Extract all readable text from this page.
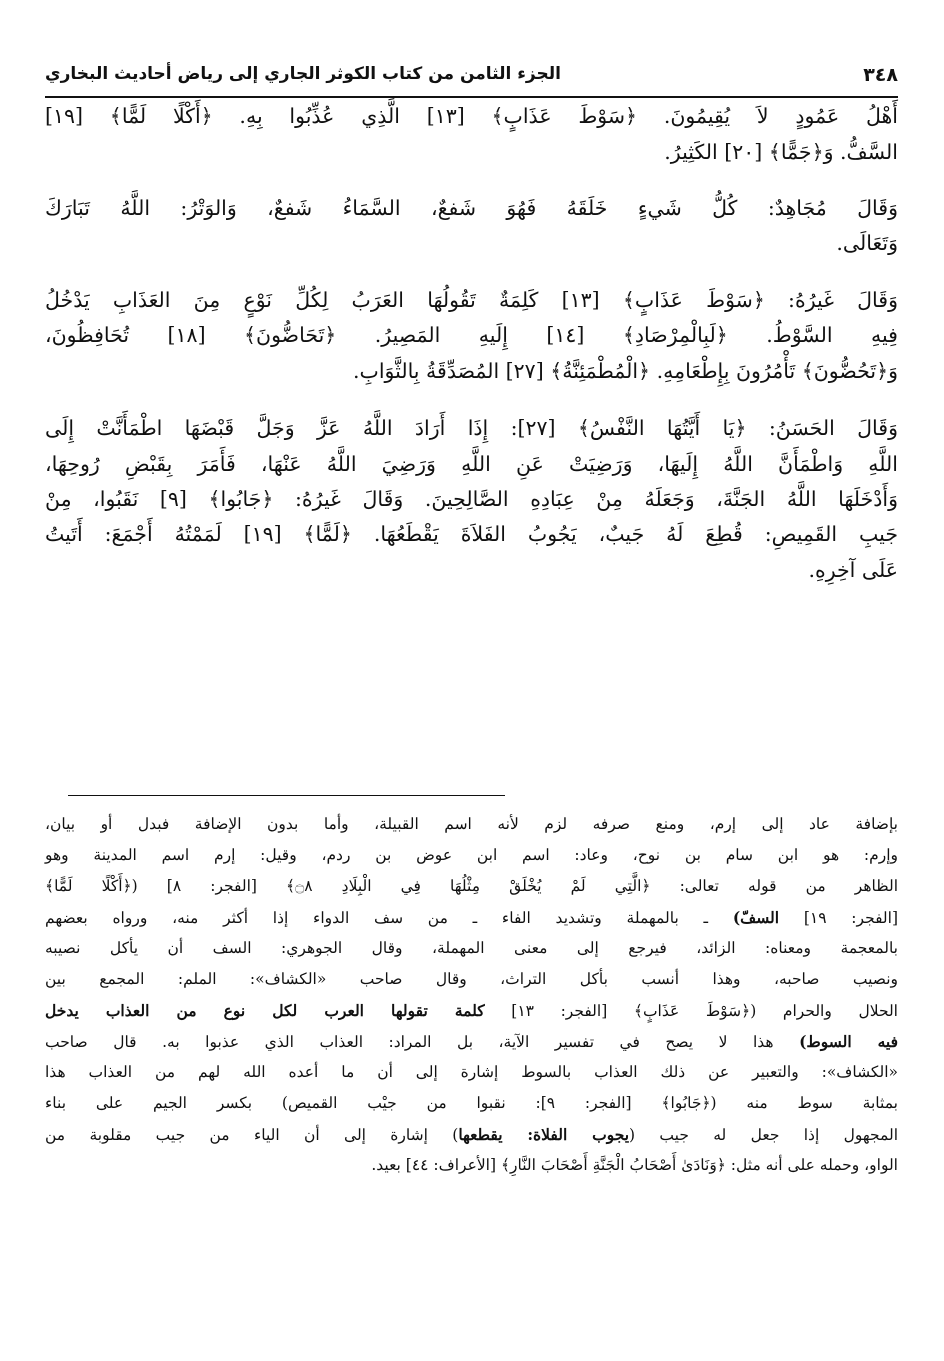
٣٤٨
الجزء الثامن من كتاب الكوثر الجاري إلى رياض أحاديث البخاري
أَهْلُ عَمُودٍ لاَ يُقِيمُونَ. ﴿سَوْطَ عَذَابٍ﴾ [١٣] الَّذِي عُذِّبُوا بِهِ. ﴿أَكْلًا لَمًّا﴾ [١٩]
السَّفُّ. وَ﴿جَمًّا﴾ [٢٠] الكَثِيرُ.
وَقَالَ مُجَاهِدٌ: كُلُّ شَيءٍ خَلَقَهُ فَهُوَ شَفعٌ، السَّمَاءُ شَفعٌ، وَالوَتْرُ: اللَّهُ تَبَارَكَ
وَتَعَالَى.
وَقَالَ غَيرُهُ: ﴿سَوْطَ عَذَابٍ﴾ [١٣] كَلِمَةٌ تَقُولُهَا العَرَبُ لِكُلِّ نَوْعٍ مِنَ العَذَابِ يَدْخُلُ
فِيهِ السَّوْطُ. ﴿لَبِالْمِرْصَادِ﴾ [١٤] إِلَيهِ المَصِيرُ. ﴿تَحَاضُّونَ﴾ [١٨] تُحَافِظُونَ،
وَ﴿تَحُضُّونَ﴾ تَأْمُرُونَ بِإِطْعَامِهِ. ﴿الْمُطْمَئِنَّةُ﴾ [٢٧] المُصَدِّقَةُ بِالثَّوَابِ.
وَقَالَ الحَسَنُ: ﴿يَا أَيَّتُهَا النَّفْسُ﴾ [٢٧]: إِذَا أَرَادَ اللَّهُ عَزَّ وَجَلَّ قَبْضَهَا اطْمَأَنَّتْ إِلَى
اللَّهِ وَاطْمَأَنَّ اللَّهُ إِلَيهَا، وَرَضِيَتْ عَنِ اللَّهِ وَرَضِيَ اللَّهُ عَنْهَا، فَأَمَرَ بِقَبْضِ رُوحِهَا،
وَأَدْخَلَهَا اللَّهُ الجَنَّةَ، وَجَعَلَهُ مِنْ عِبَادِهِ الصَّالِحِينَ. وَقَالَ غَيرُهُ: ﴿جَابُوا﴾ [٩] نَقَبُوا، مِنْ
جَيبِ القَمِيصِ: قُطِعَ لَهُ جَيبٌ، يَجُوبُ الفَلاَةَ يَقْطَعُهَا. ﴿لَمًّا﴾ [١٩] لَمَمْتُهُ أَجْمَعَ: أَتَيتُ
عَلَى آخِرِهِ.
بإضافة عاد إلى إرم، ومنع صرفه لزم لأنه اسم القبيلة، وأما بدون الإضافة فبدل أو بيان،
وإرم: هو ابن سام بن نوح، وعاد: اسم ابن عوض بن ردم، وقيل: إرم اسم المدينة وهو
الظاهر من قوله تعالى: ﴿الَّتِي لَمْ يُخْلَقْ مِثْلُهَا فِي الْبِلَادِ ۝٨﴾ [الفجر: ٨] (﴿أَكْلًا لَمًّا﴾
[الفجر: ١٩] السفّ) ـ بالمهملة وتشديد الفاء ـ من سف الدواء إذا أكثر منه، ورواه بعضهم
بالمعجمة ومعناه: الزائد، فيرجع إلى معنى المهملة، وقال الجوهري: السف أن يأكل نصيبه
ونصيب صاحبه، وهذا أنسب بأكل التراث، وقال صاحب «الكشاف»: الملم: المجمع بين
الحلال والحرام (﴿سَوْطَ عَذَابٍ﴾ [الفجر: ١٣] كلمة تقولها العرب لكل نوع من العذاب يدخل
فيه السوط) هذا لا يصح في تفسير الآية، بل المراد: العذاب الذي عذبوا به. قال صاحب
«الكشاف»: والتعبير عن ذلك العذاب بالسوط إشارة إلى أن ما أعده الله لهم من العذاب هذا
بمثابة سوط منه (﴿جَابُوا﴾ [الفجر: ٩]: نقبوا من جيْب القميص) بكسر الجيم على بناء
المجهول إذا جعل له جيب (يجوب الفلاة: يقطعها) إشارة إلى أن الياء من جيب مقلوبة من
الواو، وحمله على أنه مثل: ﴿وَنَادَىٰ أَصْحَابُ الْجَنَّةِ أَصْحَابَ النَّارِ﴾ [الأعراف: ٤٤] بعيد.
